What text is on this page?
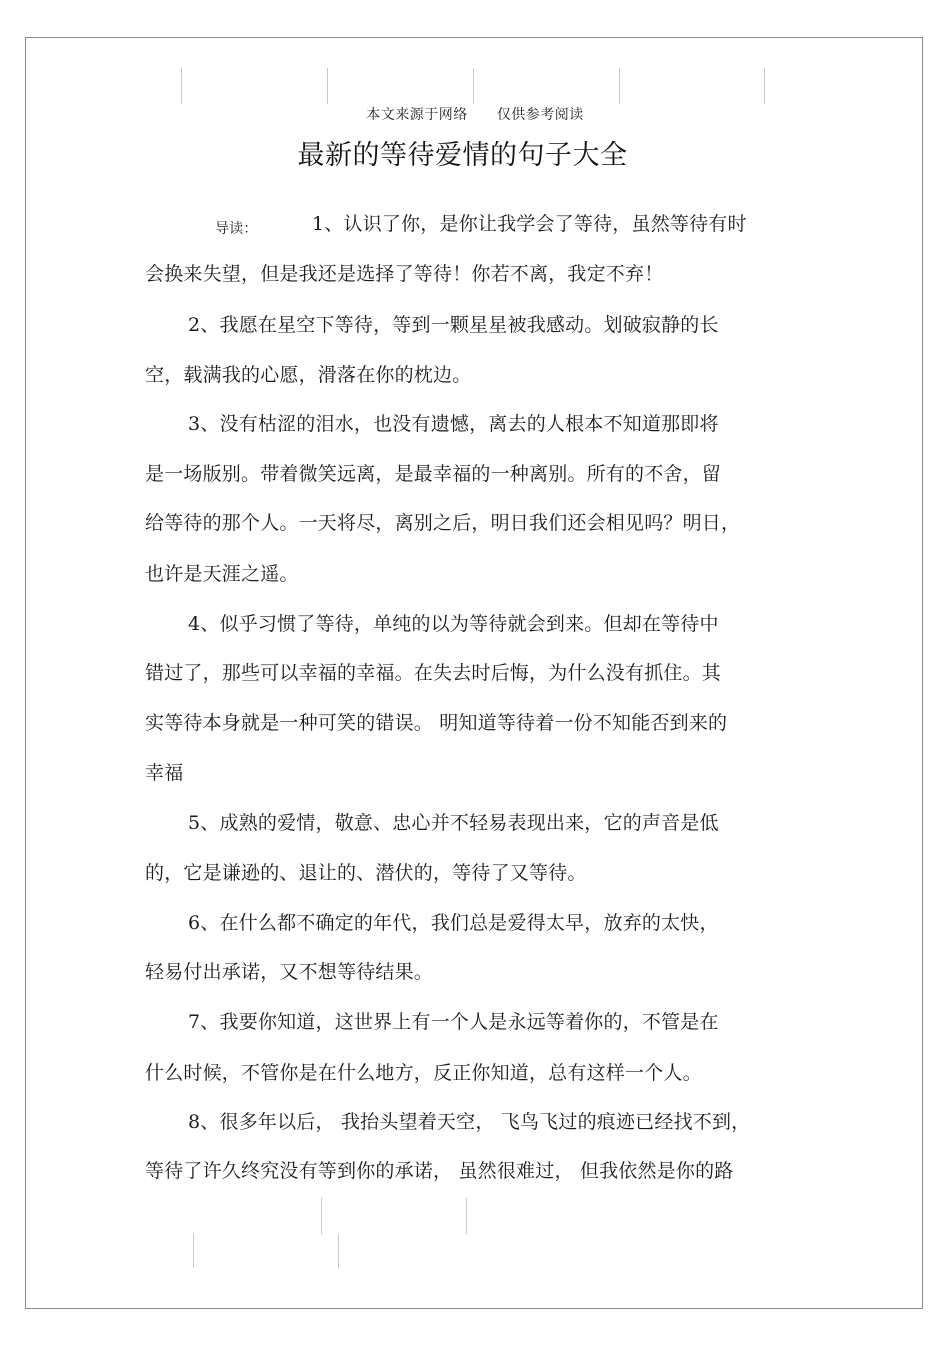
本文来源于网络 仅供参考阅读
最新的等待爱情的句子大全
导读：	1、认识了你，是你让我学会了等待，虽然等待有时
会换来失望，但是我还是选择了等待！你若不离，我定不弃！
2、我愿在星空下等待，等到一颗星星被我感动。划破寂静的长
空，载满我的心愿，滑落在你的枕边。
3、没有枯涩的泪水，也没有遗憾，离去的人根本不知道那即将
是一场版别。带着微笑远离，是最幸福的一种离别。所有的不舍，留
给等待的那个人。一天将尽，离别之后，明日我们还会相见吗？明日，
也许是天涯之遥。
4、似乎习惯了等待，单纯的以为等待就会到来。但却在等待中
错过了，那些可以幸福的幸福。在失去时后悔，为什么没有抓住。其
实等待本身就是一种可笑的错误。 明知道等待着一份不知能否到来的
幸福
5、成熟的爱情，敬意、忠心并不轻易表现出来，它的声音是低
的，它是谦逊的、退让的、潜伏的，等待了又等待。
6、在什么都不确定的年代，我们总是爱得太早，放弃的太快，
轻易付出承诺，又不想等待结果。
7、我要你知道，这世界上有一个人是永远等着你的，不管是在
什么时候，不管你是在什么地方，反正你知道，总有这样一个人。
8、很多年以后， 我抬头望着天空， 飞鸟飞过的痕迹已经找不到，
等待了许久终究没有等到你的承诺， 虽然很难过， 但我依然是你的路
